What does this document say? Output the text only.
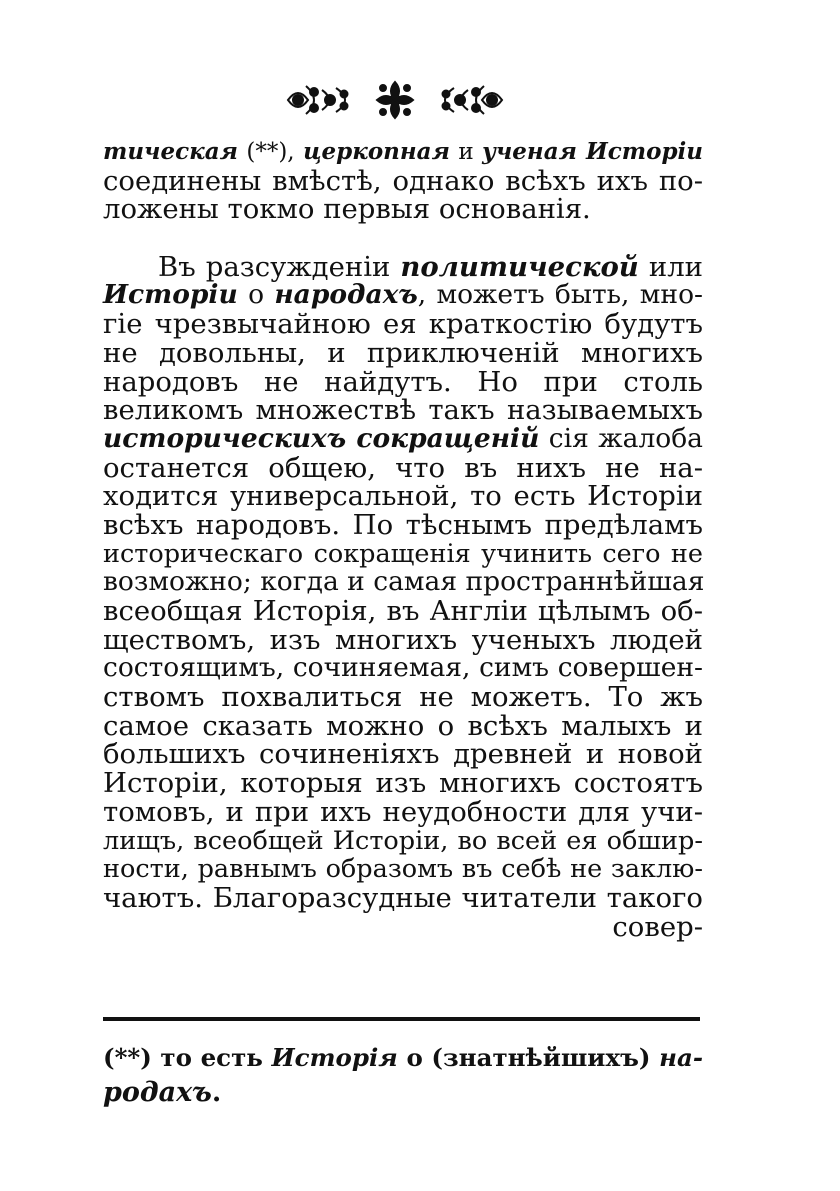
тическая (**), церкопная и ученая Исторіи
соединены вмѣстѣ, однако всѣхъ ихъ по-
ложены токмо первыя основанія.
Въ разсужденіи политической или
Исторіи о народахъ, можетъ быть, мно-
гіе чрезвычайною ея краткостію будутъ
не довольны, и приключеній многихъ
народовъ не найдутъ. Но при столь
великомъ множествѣ такъ называемыхъ
историческихъ сокращеній сія жалоба
останется общею, что въ нихъ не на-
ходится универсальной, то есть Исторіи
всѣхъ народовъ. По тѣснымъ предѣламъ
историческаго сокращенія учинить сего не
возможно; когда и самая пространнѣйшая
всеобщая Исторія, въ Англіи цѣлымъ об-
ществомъ, изъ многихъ ученыхъ людей
состоящимъ, сочиняемая, симъ совершен-
ствомъ похвалиться не можетъ. То жъ
самое сказать можно о всѣхъ малыхъ и
большихъ сочиненіяхъ древней и новой
Исторіи, которыя изъ многихъ состоятъ
томовъ, и при ихъ неудобности для учи-
лищъ, всеобщей Исторіи, во всей ея обшир-
ности, равнымъ образомъ въ себѣ не заклю-
чаютъ. Благоразсудные читатели такого
совер-
(**) то есть Исторія о (знатнѣйшихъ) на-
родахъ.
